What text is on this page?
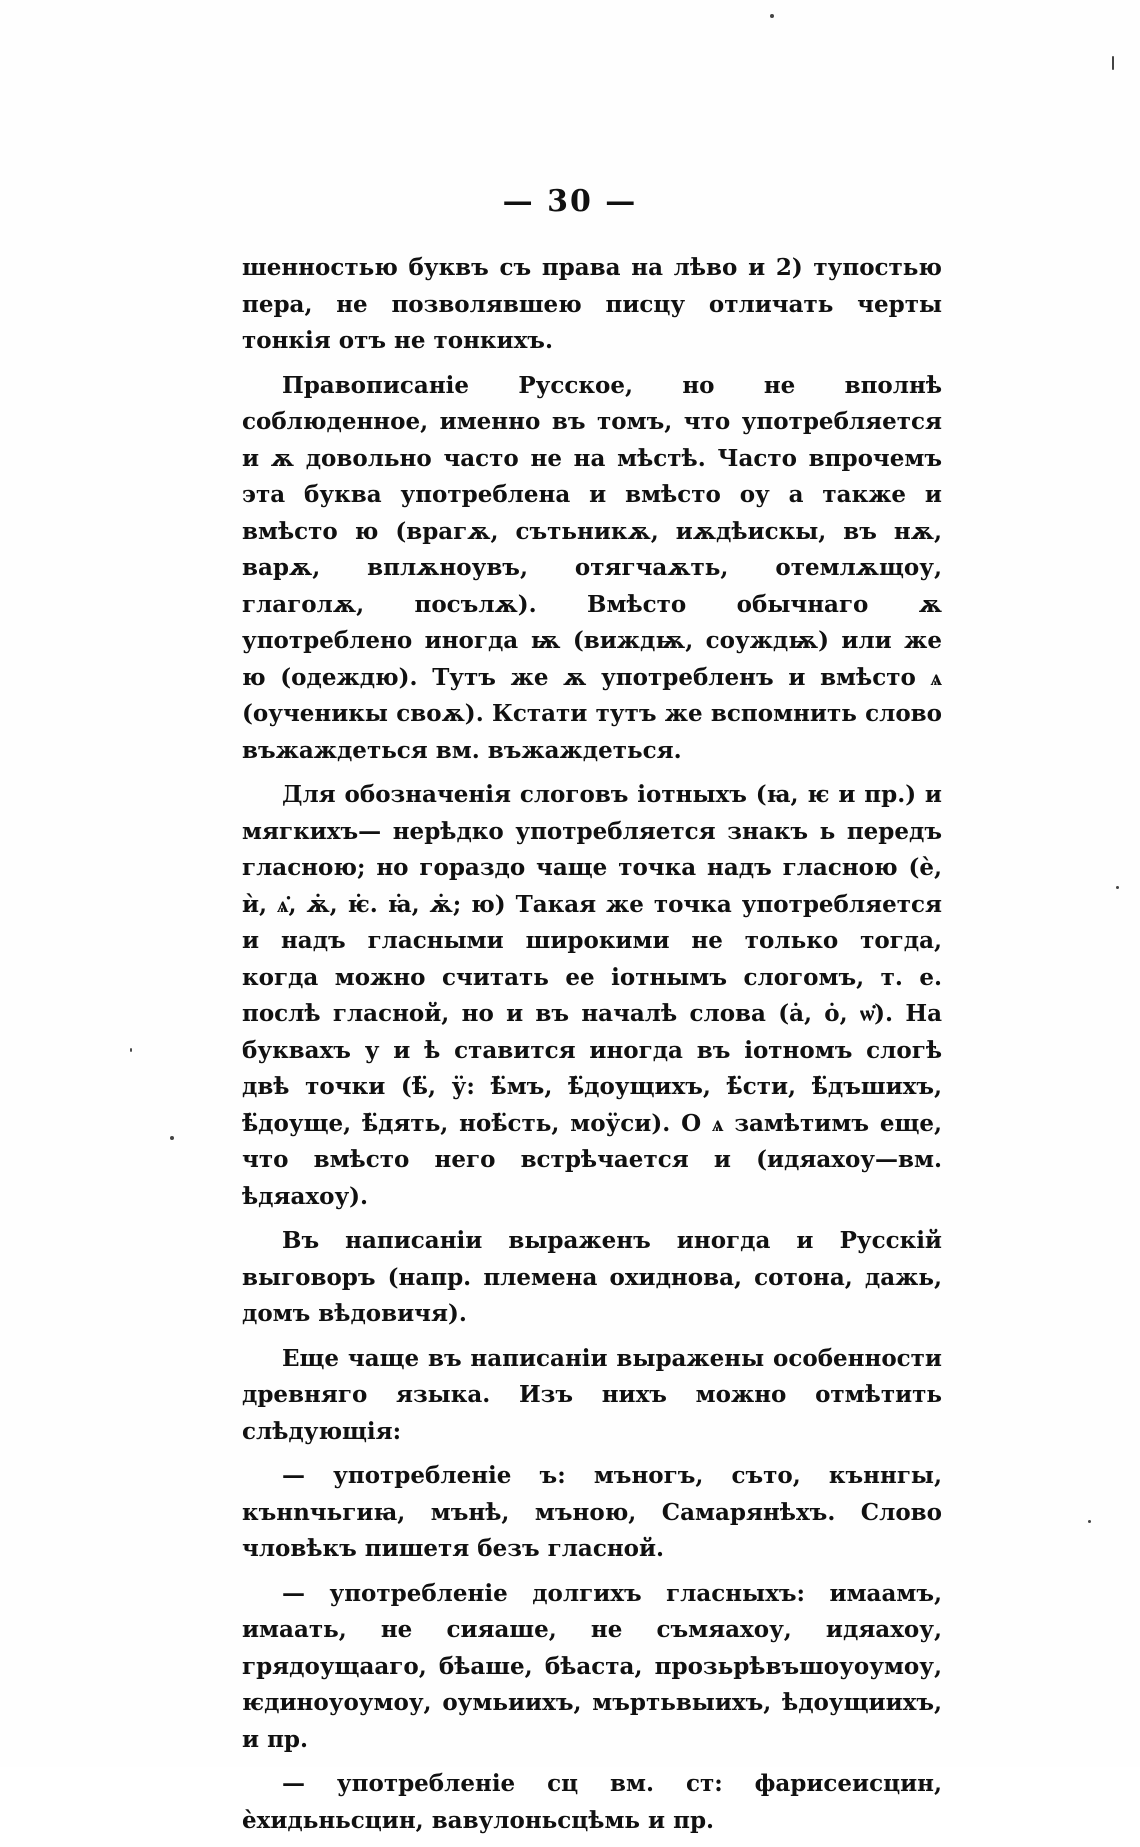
— 30 —

шенностью буквъ съ права на лѣво и 2) тупостью пера, не позволявшею писцу отличать черты тонкія отъ не тонкихъ.

Правописаніе Русское, но не вполнѣ соблюденное, именно въ томъ, что употребляется и ѫ довольно часто не на мѣстѣ. Часто впрочемъ эта буква употреблена и вмѣсто оу а также и вмѣсто ю (врагѫ, сътьникѫ, иѫдѣискы, въ нѫ, варѫ, вплѫноувъ, отягчаѫть, отемлѫщоу, глаголѫ, посълѫ). Вмѣсто обычнаго ѫ употреблено иногда ѭ (виждѭ, соуждѭ) или же ю (одеждю). Тутъ же ѫ употребленъ и вмѣсто ѧ (оученикы своѫ). Кстати тутъ же вспомнить слово въжаждеться вм. въжаждеться.

Для обозначенія слоговъ іотныхъ (ꙗ, ѥ и пр.) и мягкихъ— нерѣдко употребляется знакъ ь передъ гласною; но гораздо чаще точка надъ гласною (ѐ, ѝ, ѧ̇, ѫ̇, ѥ̇. ꙗ̇, ѫ̇; ю) Такая же точка употребляется и надъ гласными широкими не только тогда, когда можно считать ее іотнымъ слогомъ, т. е. послѣ гласной, но и въ началѣ слова (а̇, о̇, ѡ̇). На буквахъ у и ѣ ставится иногда въ іотномъ слогѣ двѣ точки (ѣ̈, ӱ: ѣ̈мъ, ѣ̈доущихъ, ѣ̈сти, ѣ̈дъшихъ, ѣ̈доуще, ѣ̈дять, ноѣ̈сть, моӱси). О ѧ замѣтимъ еще, что вмѣсто него встрѣчается и (идяахоу—вм. ѣдяахоу).

Въ написаніи выраженъ иногда и Русскій выговоръ (напр. племена охиднова, сотона, дажь, домъ вѣдовичя).

Еще чаще въ написаніи выражены особенности древняго языка. Изъ нихъ можно отмѣтить слѣдующія:

— употребленіе ъ: мъногъ, съто, къннгы, кънnчьгиꙗ, мънѣ, мъною, Самарянѣхъ. Слово чловѣкъ пишетя безъ гласной.

— употребленіе долгихъ гласныхъ: имаамъ, имаать, не сияаше, не съмяахоу, идяахоу, грядоущааго, бѣаше, бѣаста, прозьрѣвъшоуоумоу, ѥдиноуоумоу, оумьиихъ, мъртьвыихъ, ѣдоущиихъ, и пр.

— употребленіе сц вм. ст: фарисеисцин, ѐхидьньсцин, вавулоньсцѣмь и пр.
